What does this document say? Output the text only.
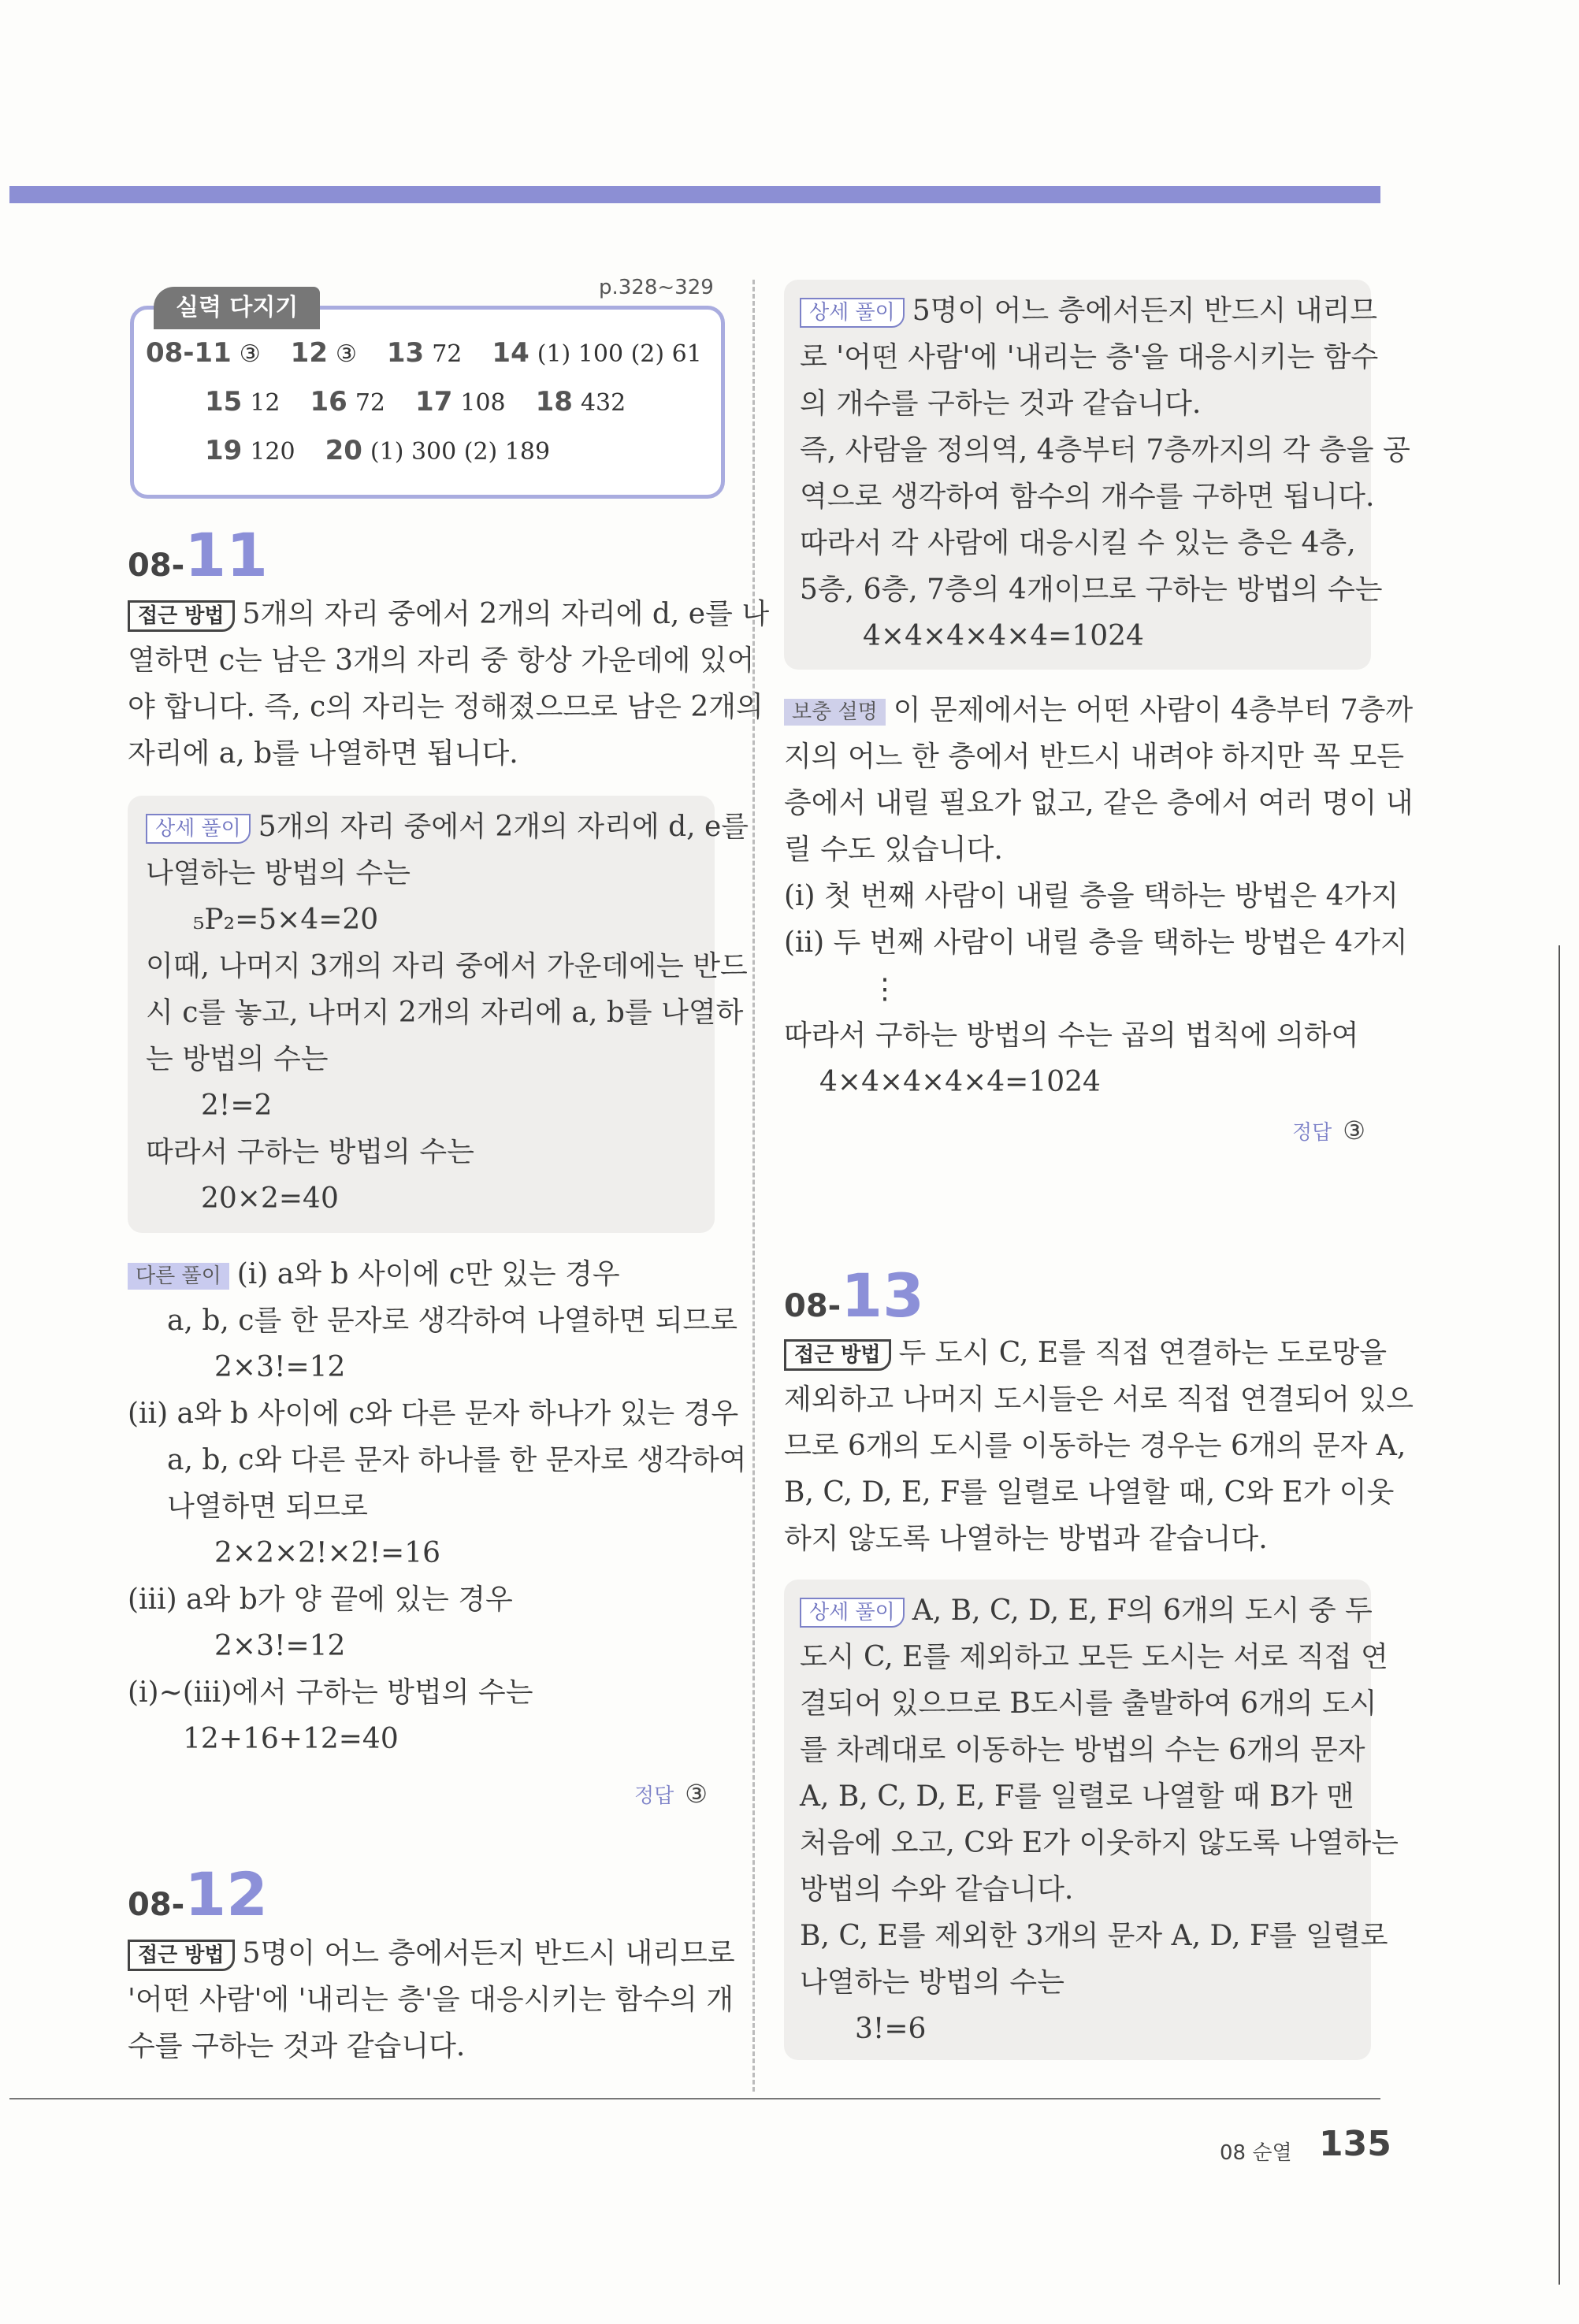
실력 다지기
p.328~329
08-11 ③ 12 ③ 13 72 14 (1) 100 (2) 61
15 12 16 72 17 108 18 432
19 120 20 (1) 300 (2) 189
08-11
접근 방법 5개의 자리 중에서 2개의 자리에 d, e를 나
열하면 c는 남은 3개의 자리 중 항상 가운데에 있어
야 합니다. 즉, c의 자리는 정해졌으므로 남은 2개의
자리에 a, b를 나열하면 됩니다.
상세 풀이 5개의 자리 중에서 2개의 자리에 d, e를
나열하는 방법의 수는
₅P₂=5×4=20
이때, 나머지 3개의 자리 중에서 가운데에는 반드
시 c를 놓고, 나머지 2개의 자리에 a, b를 나열하
는 방법의 수는
2!=2
따라서 구하는 방법의 수는
20×2=40
다른 풀이 (i) a와 b 사이에 c만 있는 경우
a, b, c를 한 문자로 생각하여 나열하면 되므로
2×3!=12
(ii) a와 b 사이에 c와 다른 문자 하나가 있는 경우
a, b, c와 다른 문자 하나를 한 문자로 생각하여
나열하면 되므로
2×2×2!×2!=16
(iii) a와 b가 양 끝에 있는 경우
2×3!=12
(i)~(iii)에서 구하는 방법의 수는
12+16+12=40
정답 ③
08-12
접근 방법 5명이 어느 층에서든지 반드시 내리므로
'어떤 사람'에 '내리는 층'을 대응시키는 함수의 개
수를 구하는 것과 같습니다.
상세 풀이 5명이 어느 층에서든지 반드시 내리므
로 '어떤 사람'에 '내리는 층'을 대응시키는 함수
의 개수를 구하는 것과 같습니다.
즉, 사람을 정의역, 4층부터 7층까지의 각 층을 공
역으로 생각하여 함수의 개수를 구하면 됩니다.
따라서 각 사람에 대응시킬 수 있는 층은 4층,
5층, 6층, 7층의 4개이므로 구하는 방법의 수는
4×4×4×4×4=1024
보충 설명 이 문제에서는 어떤 사람이 4층부터 7층까
지의 어느 한 층에서 반드시 내려야 하지만 꼭 모든
층에서 내릴 필요가 없고, 같은 층에서 여러 명이 내
릴 수도 있습니다.
(i) 첫 번째 사람이 내릴 층을 택하는 방법은 4가지
(ii) 두 번째 사람이 내릴 층을 택하는 방법은 4가지
⋮
따라서 구하는 방법의 수는 곱의 법칙에 의하여
4×4×4×4×4=1024
정답 ③
08-13
접근 방법 두 도시 C, E를 직접 연결하는 도로망을
제외하고 나머지 도시들은 서로 직접 연결되어 있으
므로 6개의 도시를 이동하는 경우는 6개의 문자 A,
B, C, D, E, F를 일렬로 나열할 때, C와 E가 이웃
하지 않도록 나열하는 방법과 같습니다.
상세 풀이 A, B, C, D, E, F의 6개의 도시 중 두
도시 C, E를 제외하고 모든 도시는 서로 직접 연
결되어 있으므로 B도시를 출발하여 6개의 도시
를 차례대로 이동하는 방법의 수는 6개의 문자
A, B, C, D, E, F를 일렬로 나열할 때 B가 맨
처음에 오고, C와 E가 이웃하지 않도록 나열하는
방법의 수와 같습니다.
B, C, E를 제외한 3개의 문자 A, D, F를 일렬로
나열하는 방법의 수는
3!=6
08 순열 135
